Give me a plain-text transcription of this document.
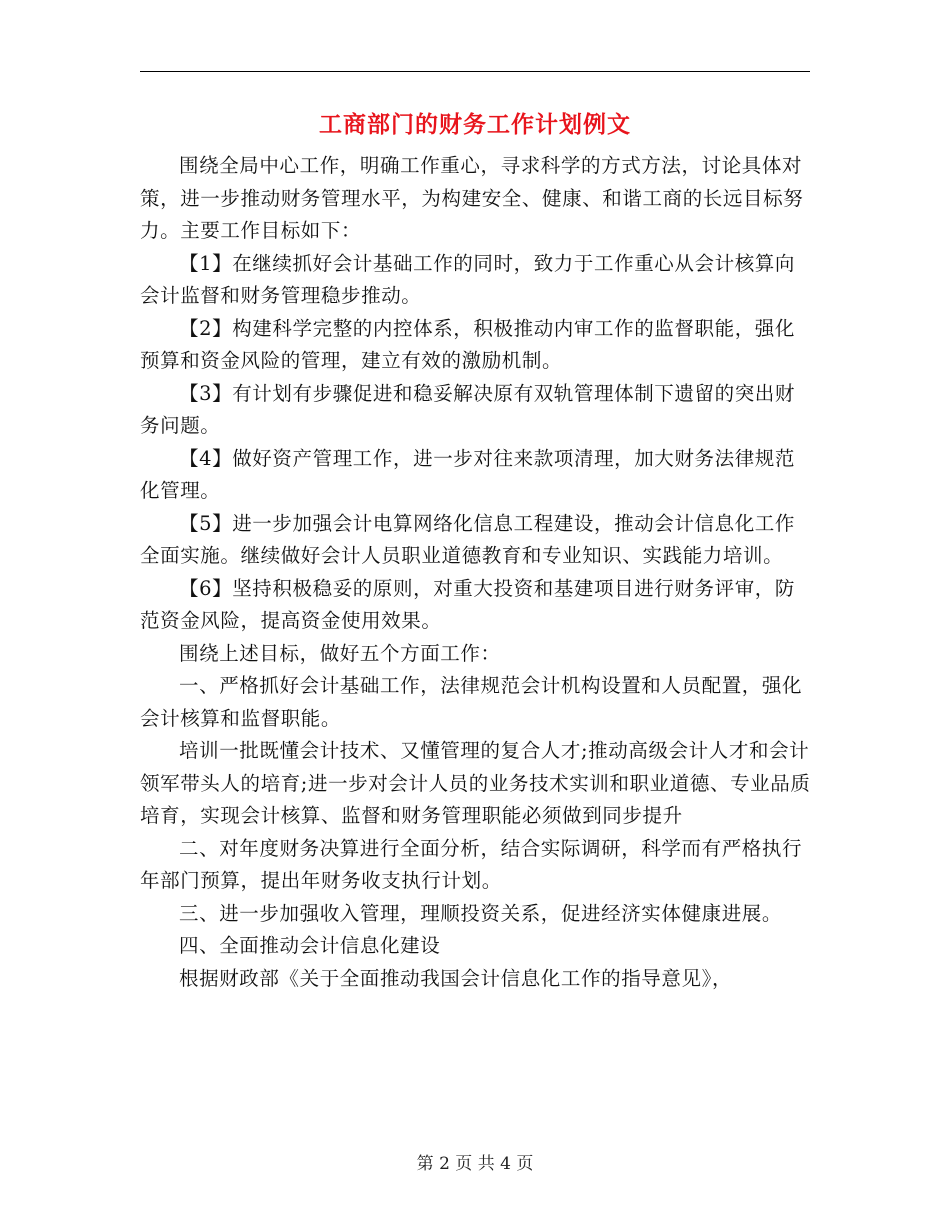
工商部门的财务工作计划例文

围绕全局中心工作，明确工作重心，寻求科学的方式方法，讨论具体对策，进一步推动财务管理水平，为构建安全、健康、和谐工商的长远目标努力。主要工作目标如下：

【1】在继续抓好会计基础工作的同时，致力于工作重心从会计核算向会计监督和财务管理稳步推动。

【2】构建科学完整的内控体系，积极推动内审工作的监督职能，强化预算和资金风险的管理，建立有效的激励机制。

【3】有计划有步骤促进和稳妥解决原有双轨管理体制下遗留的突出财务问题。

【4】做好资产管理工作，进一步对往来款项清理，加大财务法律规范化管理。

【5】进一步加强会计电算网络化信息工程建设，推动会计信息化工作全面实施。继续做好会计人员职业道德教育和专业知识、实践能力培训。

【6】坚持积极稳妥的原则，对重大投资和基建项目进行财务评审，防范资金风险，提高资金使用效果。

围绕上述目标，做好五个方面工作：

一、严格抓好会计基础工作，法律规范会计机构设置和人员配置，强化会计核算和监督职能。

培训一批既懂会计技术、又懂管理的复合人才;推动高级会计人才和会计领军带头人的培育;进一步对会计人员的业务技术实训和职业道德、专业品质培育，实现会计核算、监督和财务管理职能必须做到同步提升

二、对年度财务决算进行全面分析，结合实际调研，科学而有严格执行年部门预算，提出年财务收支执行计划。

三、进一步加强收入管理，理顺投资关系，促进经济实体健康进展。

四、全面推动会计信息化建设

根据财政部《关于全面推动我国会计信息化工作的指导意见》，

第 2 页 共 4 页
